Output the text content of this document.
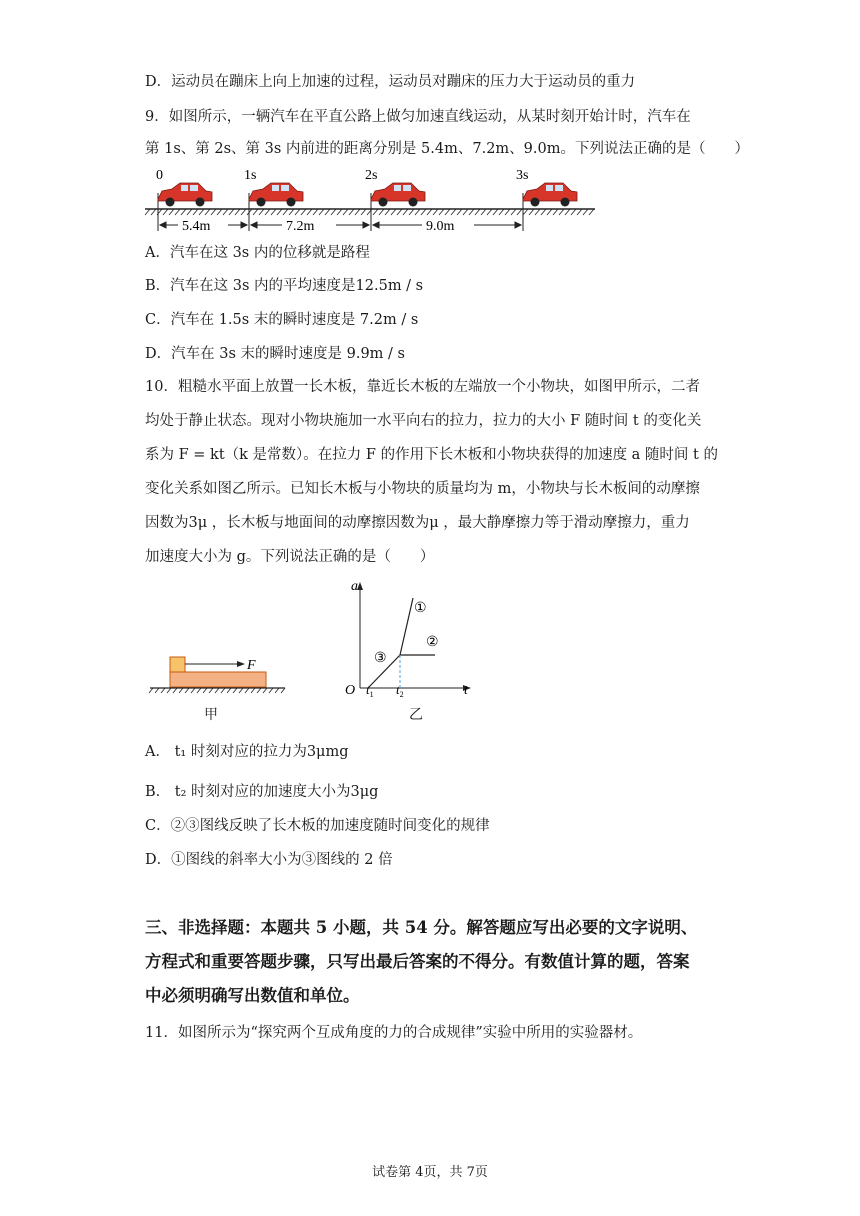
D．运动员在蹦床上向上加速的过程，运动员对蹦床的压力大于运动员的重力
9．如图所示，一辆汽车在平直公路上做匀加速直线运动，从某时刻开始计时，汽车在
第 1s、第 2s、第 3s 内前进的距离分别是 5.4m、7.2m、9.0m。下列说法正确的是（　　）
0	1s	2s	3s
5.4m	7.2m	9.0m
A．汽车在这 3s 内的位移就是路程
B．汽车在这 3s 内的平均速度是12.5m / s
C．汽车在 1.5s 末的瞬时速度是 7.2m / s
D．汽车在 3s 末的瞬时速度是 9.9m / s
10．粗糙水平面上放置一长木板，靠近长木板的左端放一个小物块，如图甲所示，二者
均处于静止状态。现对小物块施加一水平向右的拉力，拉力的大小 F 随时间 t 的变化关
系为 F = kt（k 是常数）。在拉力 F 的作用下长木板和小物块获得的加速度 a 随时间 t 的
变化关系如图乙所示。已知长木板与小物块的质量均为 m，小物块与长木板间的动摩擦
因数为3μ ，长木板与地面间的动摩擦因数为μ ，最大静摩擦力等于滑动摩擦力，重力
加速度大小为 g。下列说法正确的是（　　）
F
甲
a
t
O
①
②
③
$t_1$ $t_2$
乙
A． t₁ 时刻对应的拉力为3μmg
B． t₂ 时刻对应的加速度大小为3μg
C．②③图线反映了长木板的加速度随时间变化的规律
D．①图线的斜率大小为③图线的 2 倍
三、非选择题：本题共 5 小题，共 54 分。解答题应写出必要的文字说明、
方程式和重要答题步骤，只写出最后答案的不得分。有数值计算的题，答案
中必须明确写出数值和单位。
11．如图所示为“探究两个互成角度的力的合成规律”实验中所用的实验器材。
试卷第 4页，共 7页
